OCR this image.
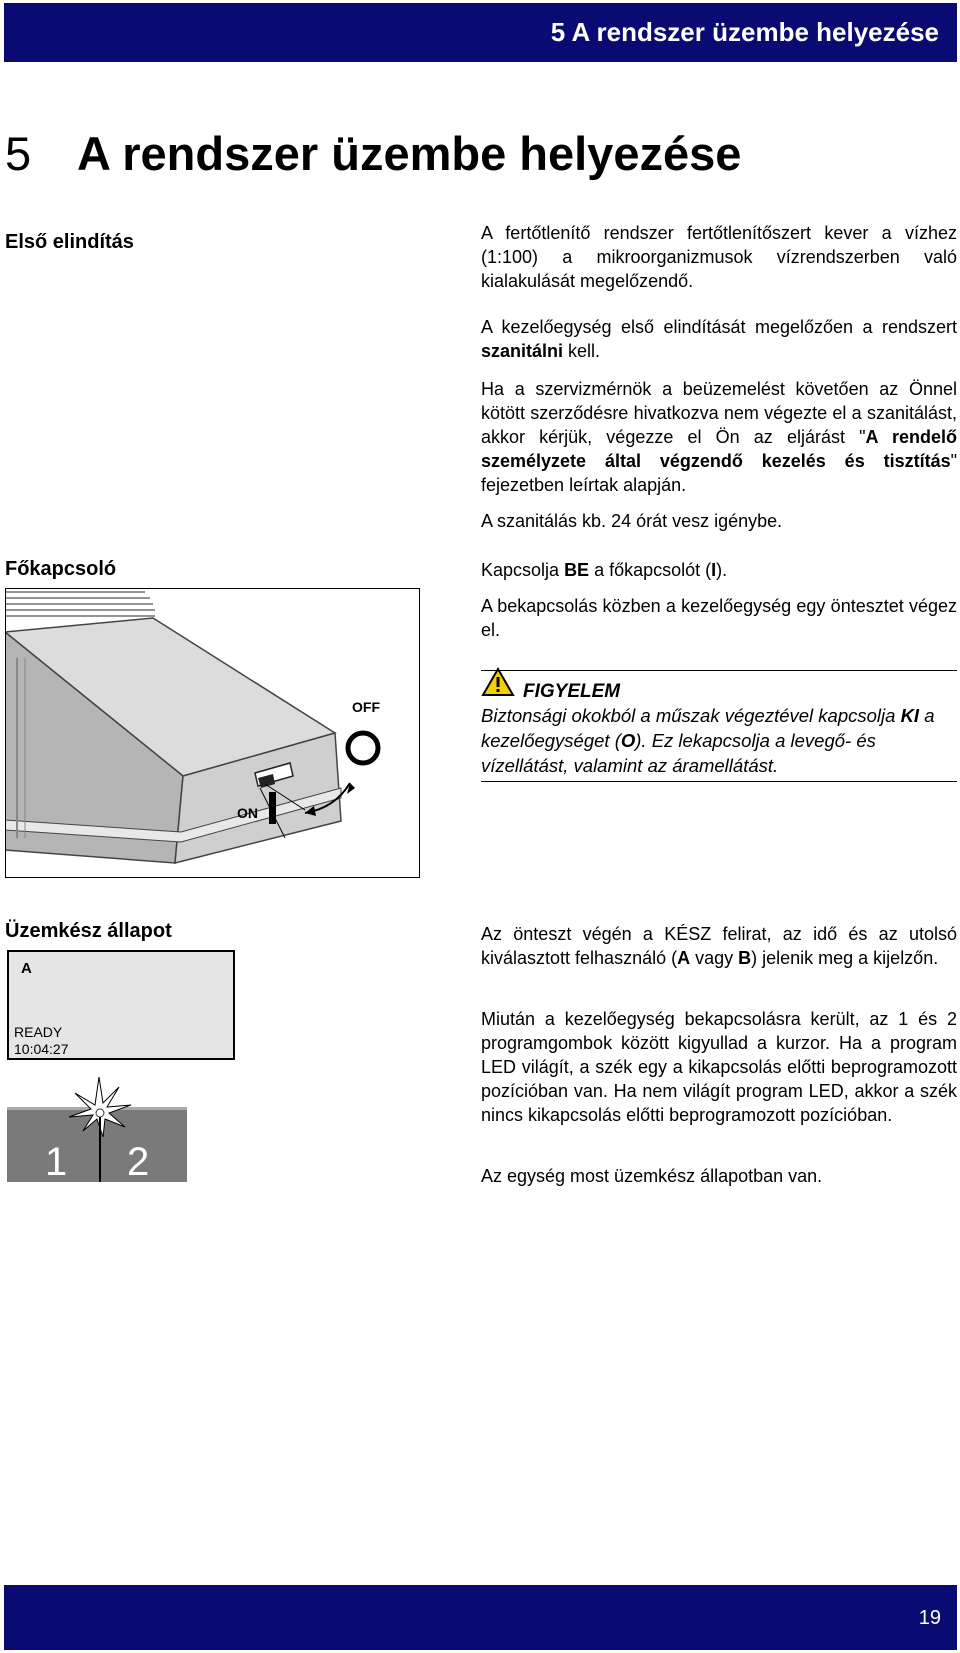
5 A rendszer üzembe helyezése
5 A rendszer üzembe helyezése
Első elindítás	A fertőtlenítő rendszer fertőtlenítőszert kever a vízhez (1:100) a mikroorganizmusok vízrendszerben való kialakulását megelőzendő.

A kezelőegység első elindítását megelőzően a rendszert szanitálni kell.

Ha a szervizmérnök a beüzemelést követően az Önnel kötött szerződésre hivatkozva nem végezte el a szanitálást, akkor kérjük, végezze el Ön az eljárást "A rendelő személyzete által végzendő kezelés és tisztítás" fejezetben leírtak alapján.

A szanitálás kb. 24 órát vesz igénybe.

Főkapcsoló	Kapcsolja BE a főkapcsolót (I).

A bekapcsolás közben a kezelőegység egy öntesztet végez el.

OFF
ON
FIGYELEM

Biztonsági okokból a műszak végeztével kapcsolja KI a kezelőegységet (O). Ez lekapcsolja a levegő- és vízellátást, valamint az áramellátást.

Üzemkész állapot
A
READY
10:04:27
1 2

Az önteszt végén a KÉSZ felirat, az idő és az utolsó kiválasztott felhasználó (A vagy B) jelenik meg a kijelzőn.

Miután a kezelőegység bekapcsolásra került, az 1 és 2 programgombok között kigyullad a kurzor. Ha a program LED világít, a szék egy a kikapcsolás előtti beprogramozott pozícióban van. Ha nem világít program LED, akkor a szék nincs kikapcsolás előtti beprogramozott pozícióban.

Az egység most üzemkész állapotban van.

19
